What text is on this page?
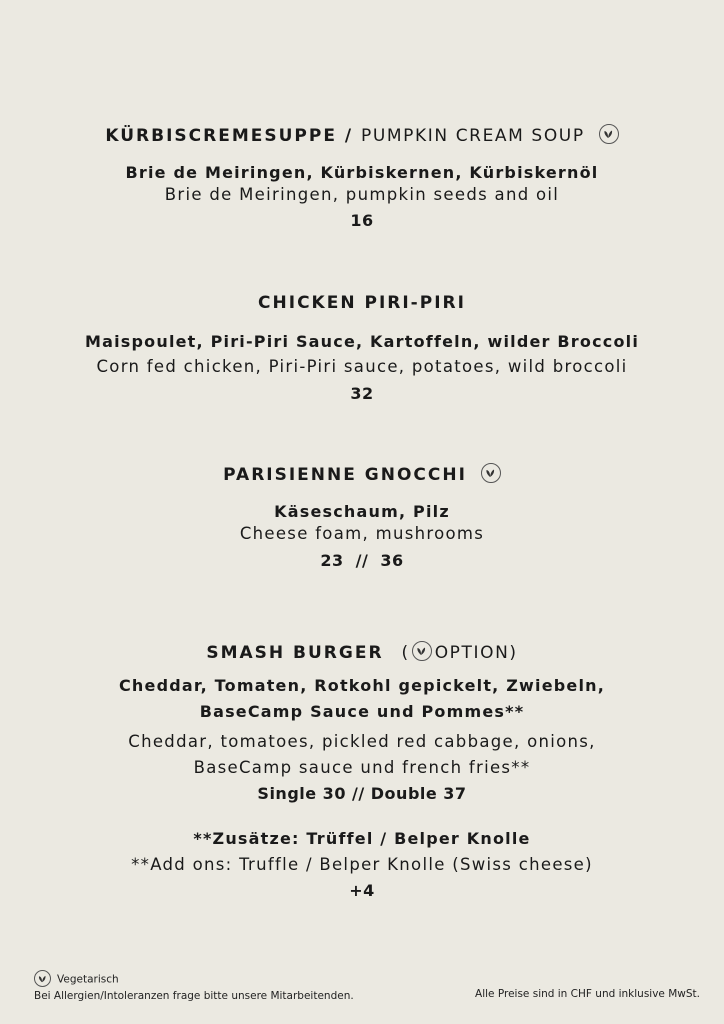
KÜRBISCREMESUPPE / PUMPKIN CREAM SOUP
Brie de Meiringen, Kürbiskernen, Kürbiskernöl
Brie de Meiringen, pumpkin seeds and oil
16
CHICKEN PIRI-PIRI
Maispoulet, Piri-Piri Sauce, Kartoffeln, wilder Broccoli
Corn fed chicken, Piri-Piri sauce, potatoes, wild broccoli
32
PARISIENNE GNOCCHI
Käseschaum, Pilz
Cheese foam, mushrooms
23 // 36
SMASH BURGER ( OPTION)
Cheddar, Tomaten, Rotkohl gepickelt, Zwiebeln,
BaseCamp Sauce und Pommes**
Cheddar, tomatoes, pickled red cabbage, onions,
BaseCamp sauce und french fries**
Single 30 // Double 37
**Zusätze: Trüffel / Belper Knolle
**Add ons: Truffle / Belper Knolle (Swiss cheese)
+4
Vegetarisch
Bei Allergien/Intoleranzen frage bitte unsere Mitarbeitenden.	Alle Preise sind in CHF und inklusive MwSt.
